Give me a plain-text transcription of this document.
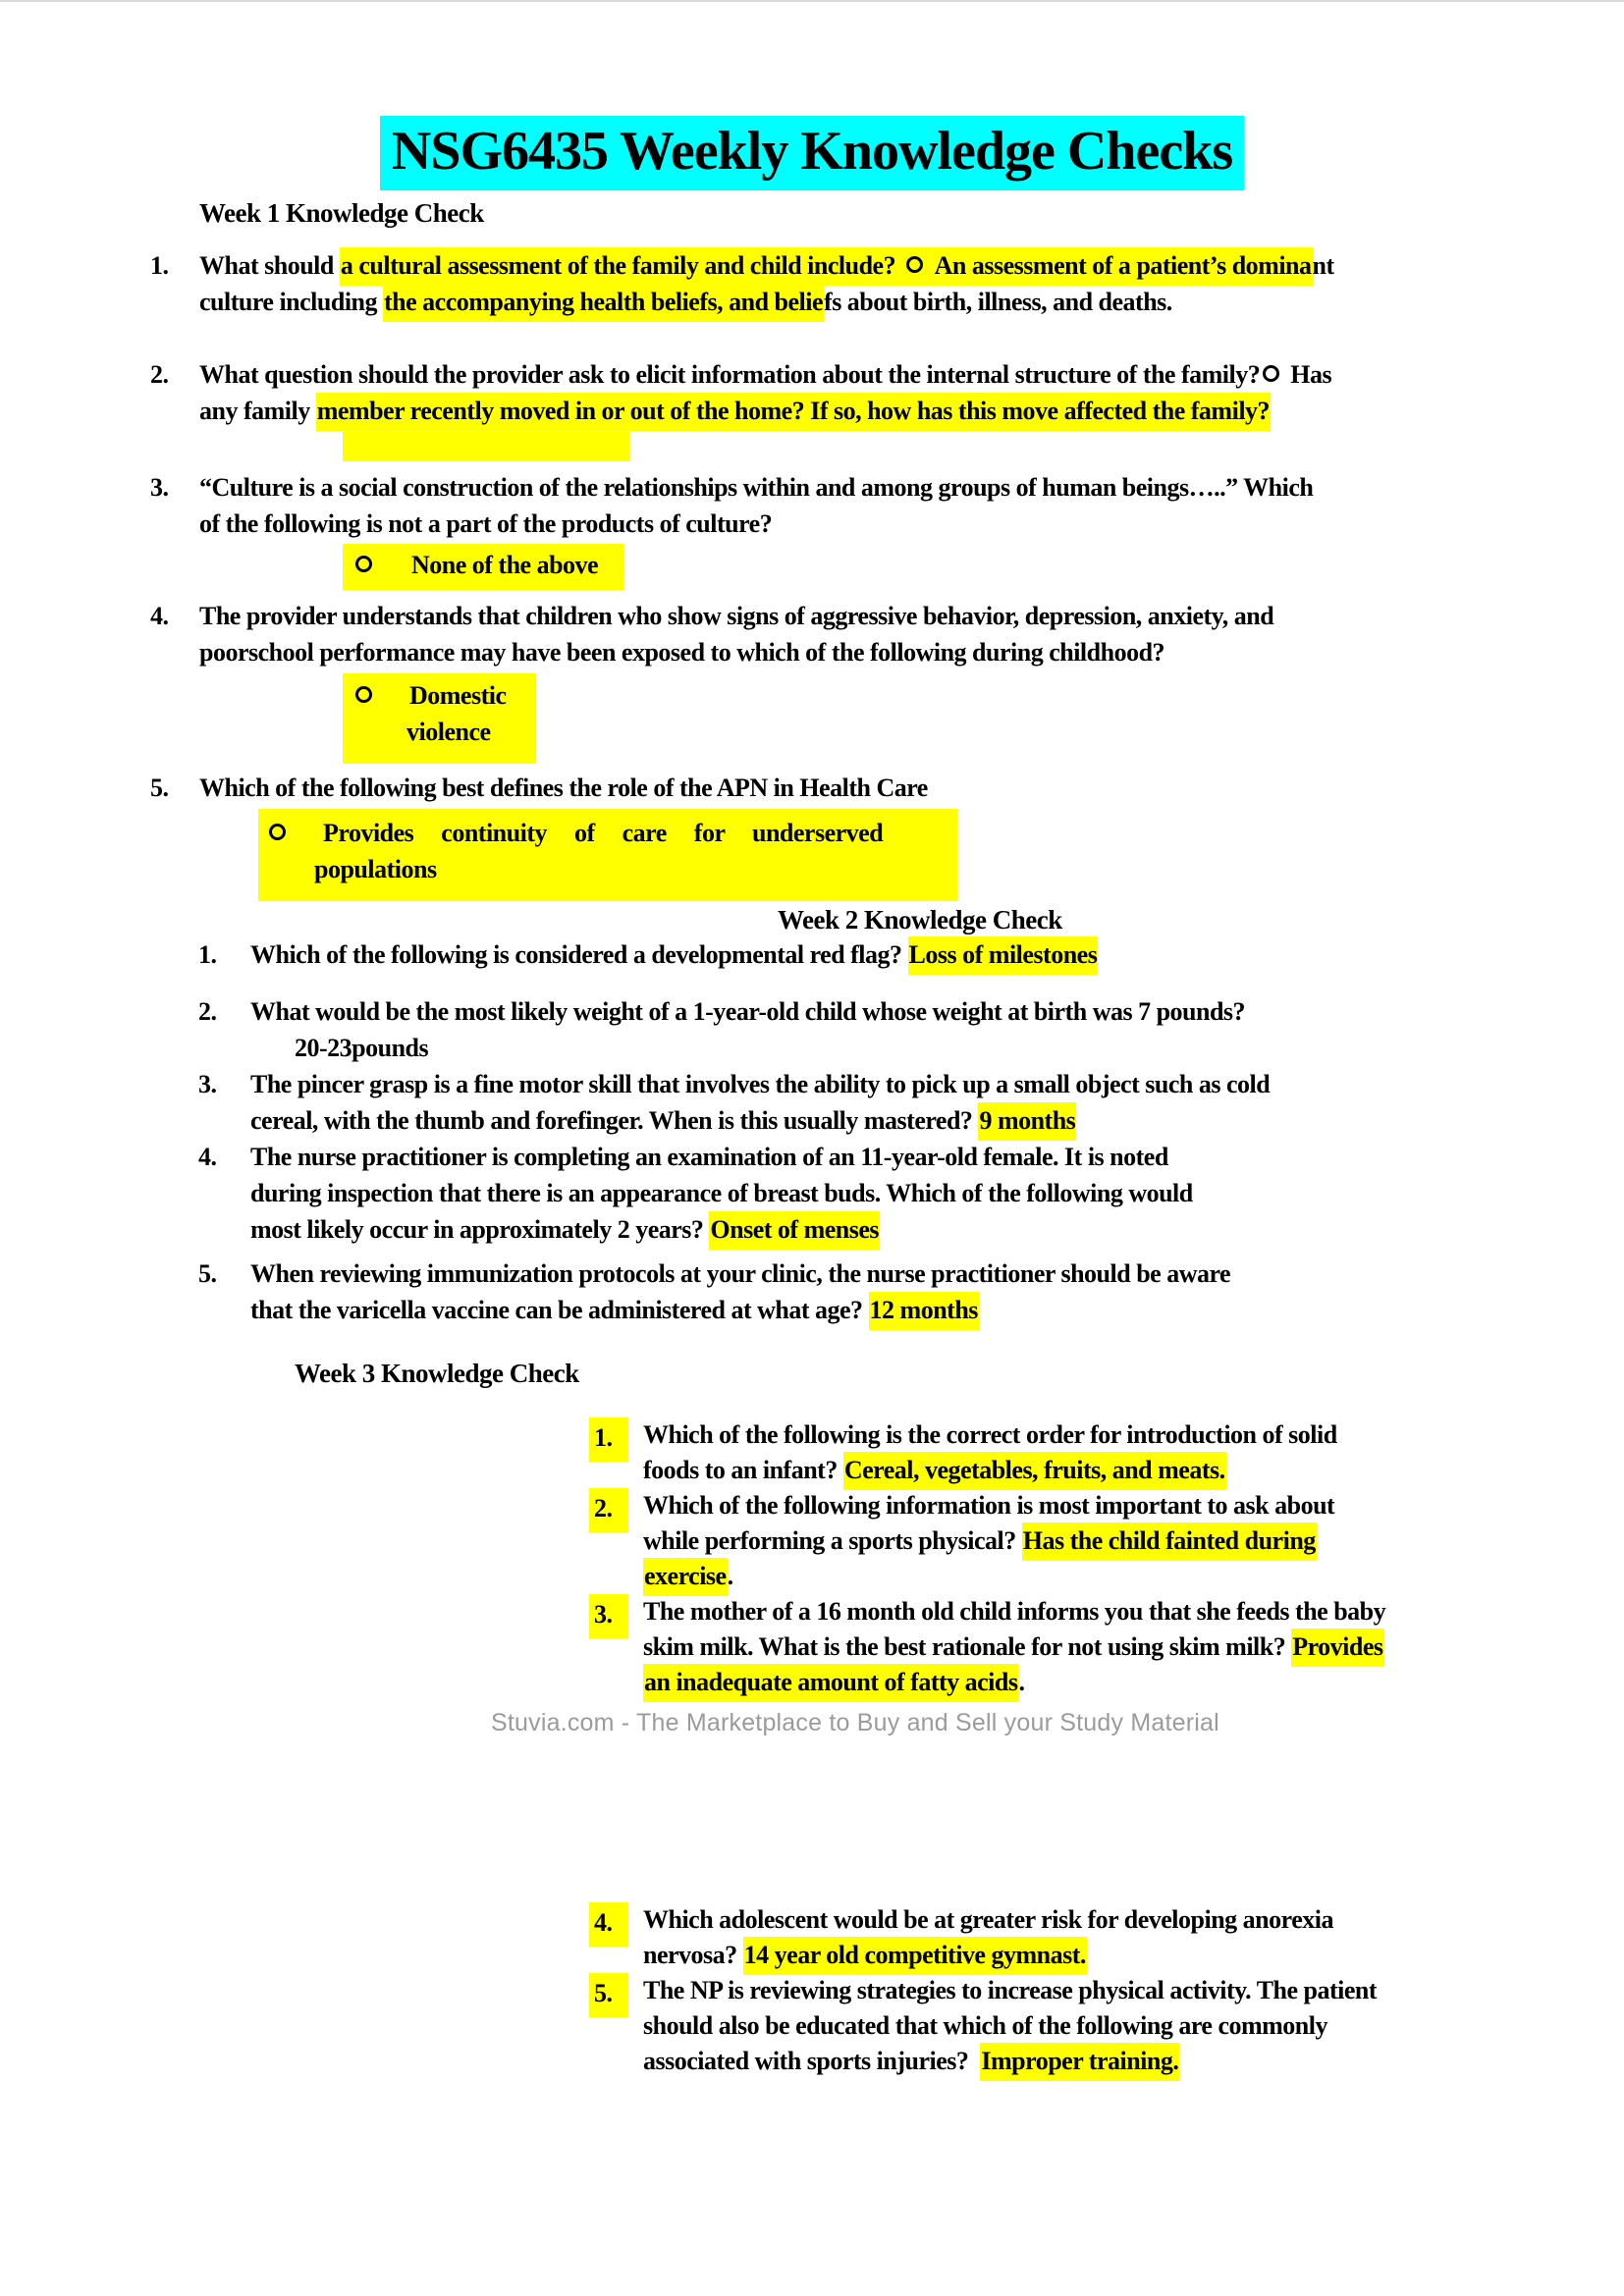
NSG6435 Weekly Knowledge Checks
Week 1 Knowledge Check
1. What should a cultural assessment of the family and child include?  An assessment of a patient’s dominant
culture including the accompanying health beliefs, and beliefs about birth, illness, and deaths.
2. What question should the provider ask to elicit information about the internal structure of the family? Has
any family member recently moved in or out of the home? If so, how has this move affected the family?
3. “Culture is a social construction of the relationships within and among groups of human beings…..” Which
of the following is not a part of the products of culture?
None of the above
4. The provider understands that children who show signs of aggressive behavior, depression, anxiety, and
poorschool performance may have been exposed to which of the following during childhood?
Domestic
violence
5. Which of the following best defines the role of the APN in Health Care
Provides continuity of care for underserved
populations
Week 2 Knowledge Check
1. Which of the following is considered a developmental red flag? Loss of milestones
2. What would be the most likely weight of a 1-year-old child whose weight at birth was 7 pounds?
20-23pounds
3. The pincer grasp is a fine motor skill that involves the ability to pick up a small object such as cold
cereal, with the thumb and forefinger. When is this usually mastered? 9 months
4. The nurse practitioner is completing an examination of an 11-year-old female. It is noted
during inspection that there is an appearance of breast buds. Which of the following would
most likely occur in approximately 2 years? Onset of menses
5. When reviewing immunization protocols at your clinic, the nurse practitioner should be aware
that the varicella vaccine can be administered at what age? 12 months
Week 3 Knowledge Check
1.	Which of the following is the correct order for introduction of solid
foods to an infant? Cereal, vegetables, fruits, and meats.
2.	Which of the following information is most important to ask about
while performing a sports physical? Has the child fainted during
exercise.
3.	The mother of a 16 month old child informs you that she feeds the baby
skim milk. What is the best rationale for not using skim milk? Provides
an inadequate amount of fatty acids.
Stuvia.com - The Marketplace to Buy and Sell your Study Material
4.	Which adolescent would be at greater risk for developing anorexia
nervosa? 14 year old competitive gymnast.
5.	The NP is reviewing strategies to increase physical activity. The patient
should also be educated that which of the following are commonly
associated with sports injuries?  Improper training.
